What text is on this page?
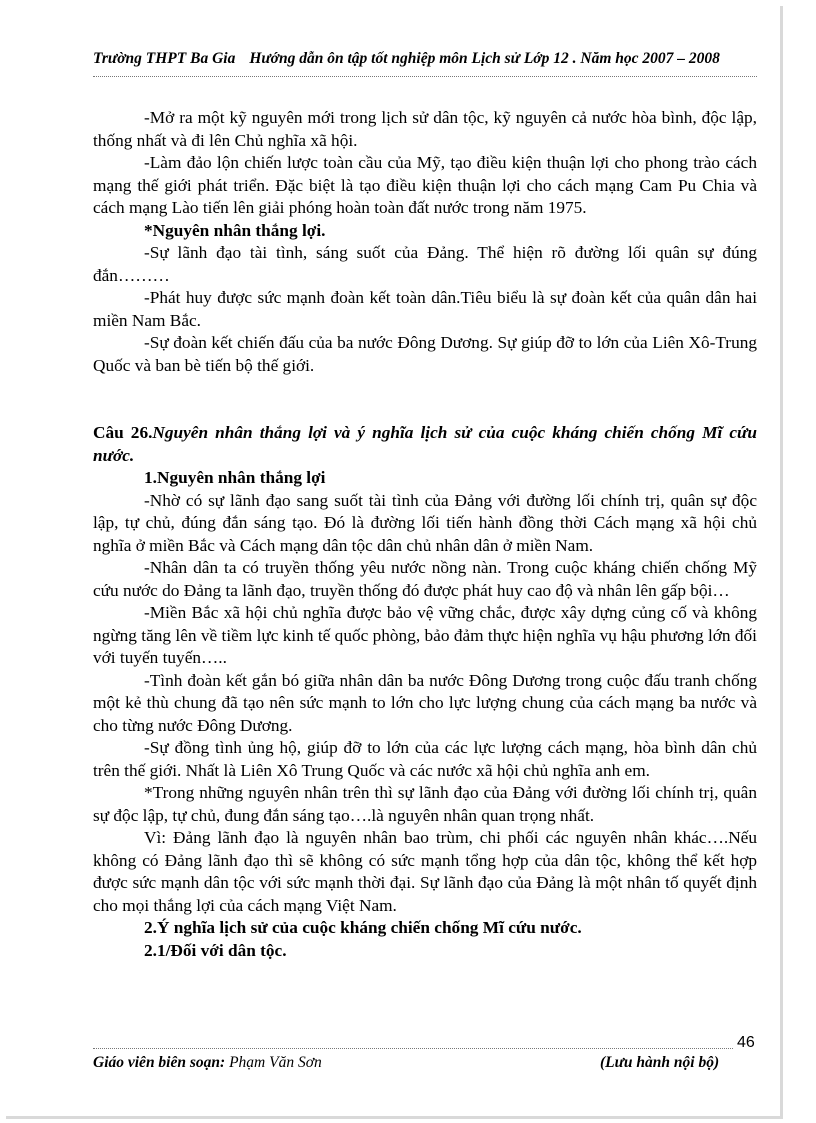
Trường THPT Ba Gia Hướng dẫn ôn tập tốt nghiệp môn Lịch sử Lớp 12 . Năm học 2007 – 2008

-Mở ra một kỹ nguyên mới trong lịch sử dân tộc, kỹ nguyên cả nước hòa bình, độc lập, thống nhất và đi lên Chủ nghĩa xã hội.

-Làm đảo lộn chiến lược toàn cầu của Mỹ, tạo điều kiện thuận lợi cho phong trào cách mạng thế giới phát triển. Đặc biệt là tạo điều kiện thuận lợi cho cách mạng Cam Pu Chia và cách mạng Lào tiến lên giải phóng hoàn toàn đất nước trong năm 1975.

*Nguyên nhân thắng lợi.

-Sự lãnh đạo tài tình, sáng suốt của Đảng. Thể hiện rõ đường lối quân sự đúng đắn………

-Phát huy được sức mạnh đoàn kết toàn dân.Tiêu biểu là sự đoàn kết của quân dân hai miền Nam Bắc.

-Sự đoàn kết chiến đấu của ba nước Đông Dương. Sự giúp đỡ to lớn của Liên Xô-Trung Quốc và ban bè tiến bộ thế giới.

Câu 26.Nguyên nhân thắng lợi và ý nghĩa lịch sử của cuộc kháng chiến chống Mĩ cứu nước.

1.Nguyên nhân thắng lợi

-Nhờ có sự lãnh đạo sang suốt tài tình của Đảng với đường lối chính trị, quân sự độc lập, tự chủ, đúng đắn sáng tạo. Đó là đường lối tiến hành đồng thời Cách mạng xã hội chủ nghĩa ở miền Bắc và Cách mạng dân tộc dân chủ nhân dân ở miền Nam.

-Nhân dân ta có truyền thống yêu nước nồng nàn. Trong cuộc kháng chiến chống Mỹ cứu nước do Đảng ta lãnh đạo, truyền thống đó được phát huy cao độ và nhân lên gấp bội…

-Miền Bắc xã hội chủ nghĩa được bảo vệ vững chắc, được xây dựng củng cố và không ngừng tăng lên về tiềm lực kinh tế quốc phòng, bảo đảm thực hiện nghĩa vụ hậu phương lớn đối với tuyến tuyến…..

-Tình đoàn kết gắn bó giữa nhân dân ba nước Đông Dương trong cuộc đấu tranh chống một kẻ thù chung đã tạo nên sức mạnh to lớn cho lực lượng chung của cách mạng ba nước và cho từng nước Đông Dương.

-Sự đồng tình ủng hộ, giúp đỡ to lớn của các lực lượng cách mạng, hòa bình dân chủ trên thế giới. Nhất là Liên Xô Trung Quốc và các nước xã hội chủ nghĩa anh em.

*Trong những nguyên nhân trên thì sự lãnh đạo của Đảng với đường lối chính trị, quân sự độc lập, tự chủ, đung đắn sáng tạo….là nguyên nhân quan trọng nhất.

Vì: Đảng lãnh đạo là nguyên nhân bao trùm, chi phối các nguyên nhân khác….Nếu không có Đảng lãnh đạo thì sẽ không có sức mạnh tổng hợp của dân tộc, không thể kết hợp được sức mạnh dân tộc với sức mạnh thời đại. Sự lãnh đạo của Đảng là một nhân tố quyết định cho mọi thắng lợi của cách mạng Việt Nam.

2.Ý nghĩa lịch sử của cuộc kháng chiến chống Mĩ cứu nước.

2.1/Đối với dân tộc.

46
Giáo viên biên soạn: Phạm Văn Sơn	(Lưu hành nội bộ)
